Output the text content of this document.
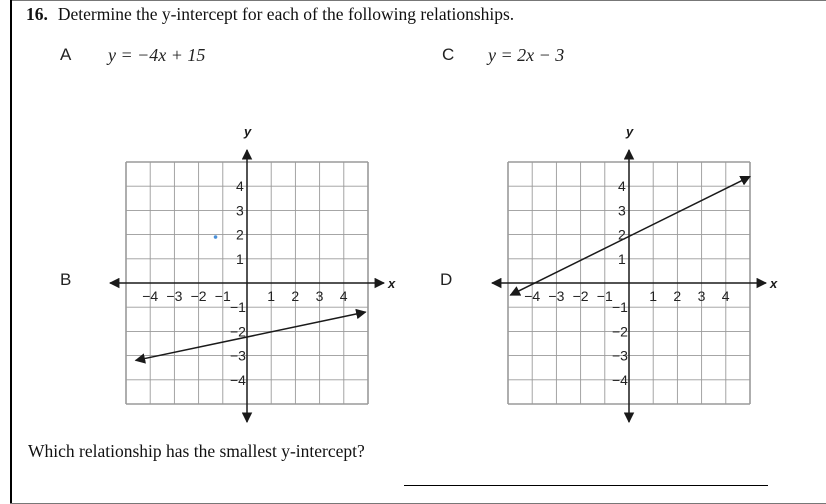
16. Determine the y-intercept for each of the following relationships.
A y = −4x + 15	C y = 2x − 3
B	D
x
y
−4 −3 −2 −1	1 2 3 4
4
3
2
1
−1
−2
−3
−4
x
y
−4 −3 −2 −1	1 2 3 4
4
3
2
1
−1
−2
−3
−4
Which relationship has the smallest y-intercept?
